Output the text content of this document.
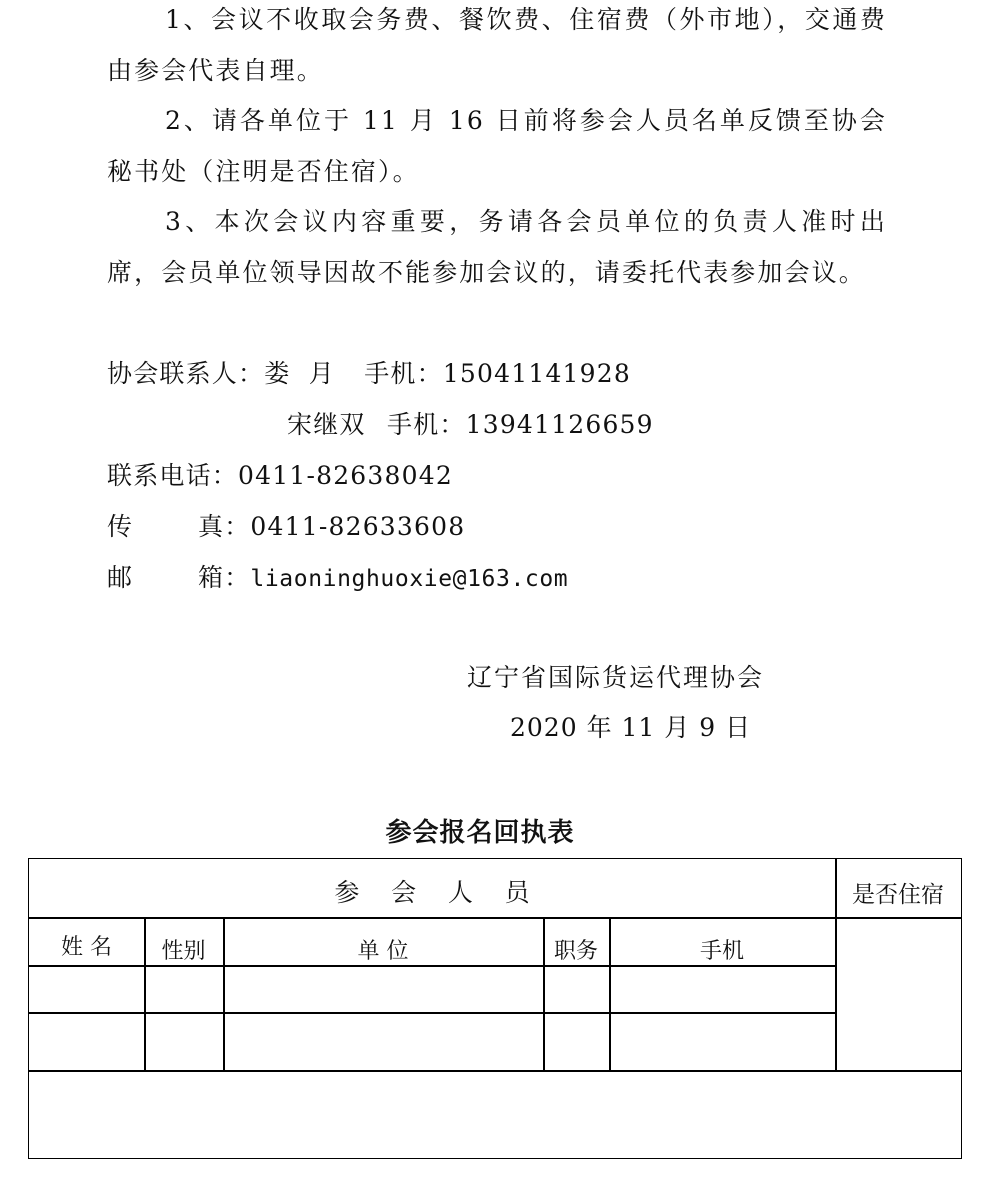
1、会议不收取会务费、餐饮费、住宿费（外市地），交通费由参会代表自理。
2、请各单位于 11 月 16 日前将参会人员名单反馈至协会秘书处（注明是否住宿）。
3、本次会议内容重要，务请各会员单位的负责人准时出席，会员单位领导因故不能参加会议的，请委托代表参加会议。
协会联系人：娄  月 手机：15041141928
宋继双 手机：13941126659
联系电话：0411-82638042
传	真：0411-82633608
邮	箱：liaoninghuoxie@163.com
辽宁省国际货运代理协会
2020 年 11 月 9 日
参会报名回执表
参    会    人    员	是否住宿
姓 名	性别	单 位	职务	手机
